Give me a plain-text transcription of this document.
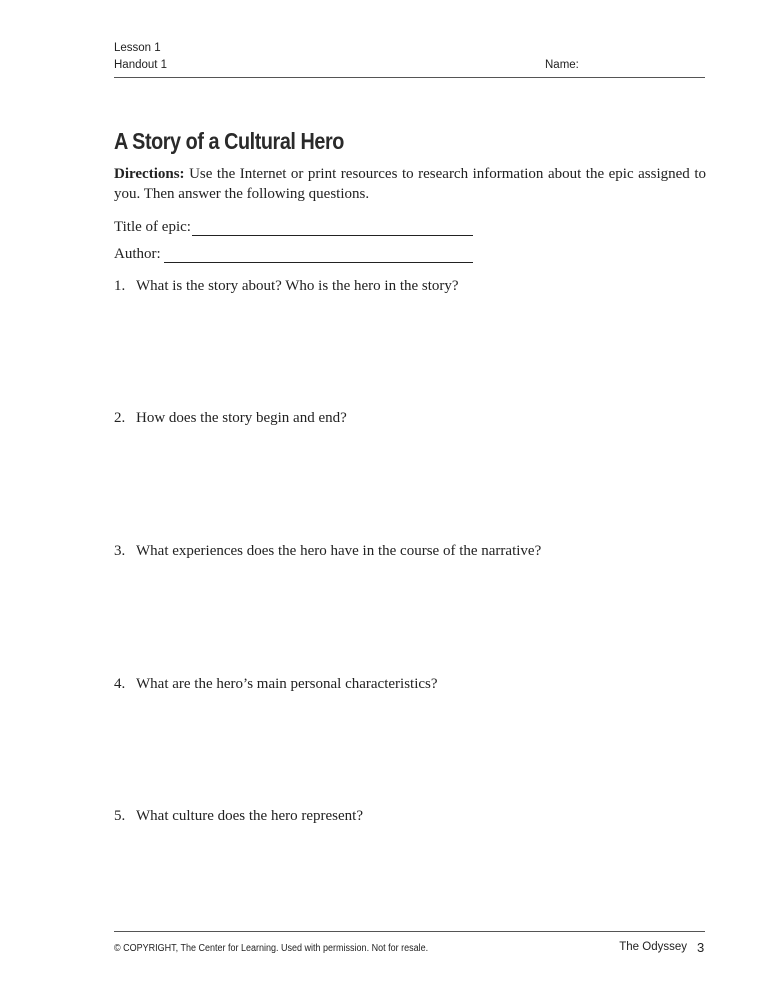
Lesson 1
Handout 1	Name:
A Story of a Cultural Hero
Directions: Use the Internet or print resources to research information about the epic assigned to you. Then answer the following questions.
Title of epic:
Author:
1. What is the story about? Who is the hero in the story?
2. How does the story begin and end?
3. What experiences does the hero have in the course of the narrative?
4. What are the hero’s main personal characteristics?
5. What culture does the hero represent?
© COPYRIGHT, The Center for Learning. Used with permission. Not for resale.	The Odyssey 3
